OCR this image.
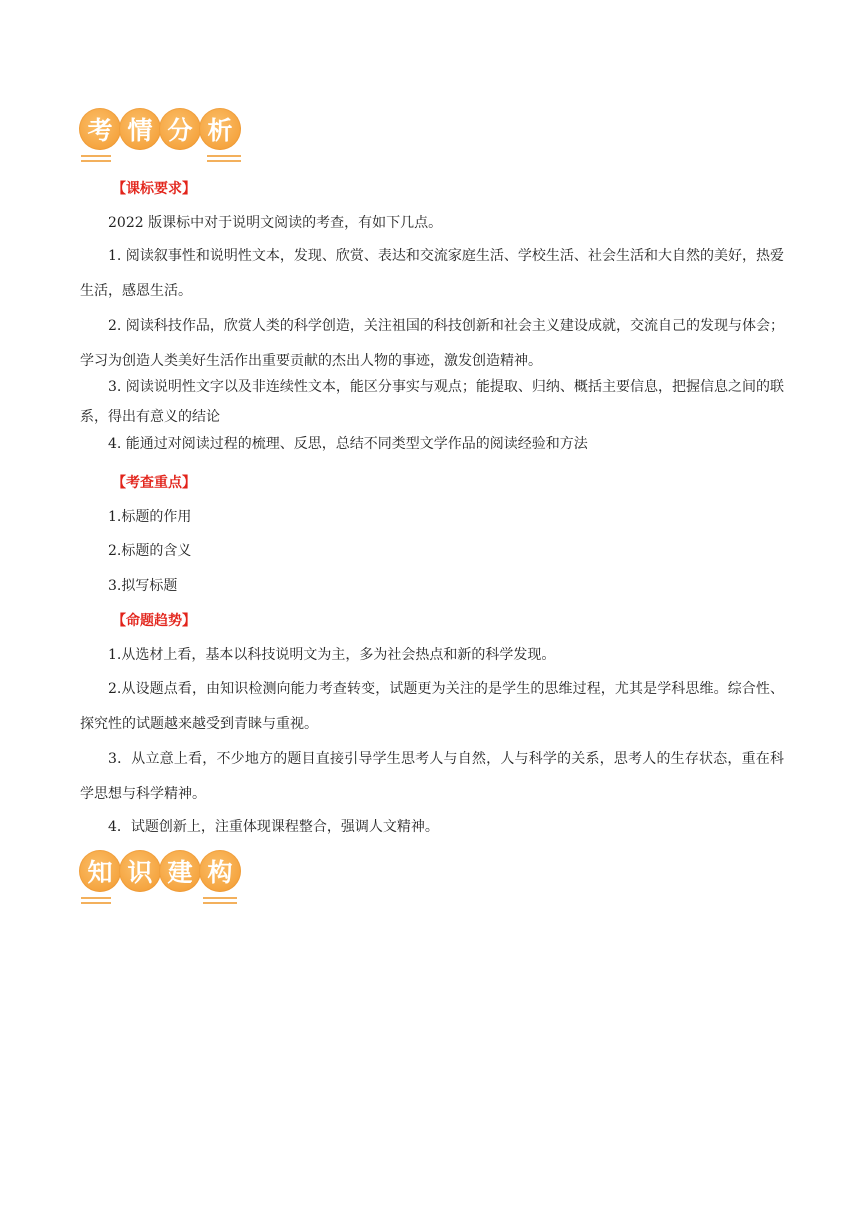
考 情 分 析
【课标要求】
2022 版课标中对于说明文阅读的考查，有如下几点。
1. 阅读叙事性和说明性文本，发现、欣赏、表达和交流家庭生活、学校生活、社会生活和大自然的美好，热爱生活，感恩生活。
2. 阅读科技作品，欣赏人类的科学创造，关注祖国的科技创新和社会主义建设成就，交流自己的发现与体会；学习为创造人类美好生活作出重要贡献的杰出人物的事迹，激发创造精神。
3. 阅读说明性文字以及非连续性文本，能区分事实与观点；能提取、归纳、概括主要信息，把握信息之间的联系，得出有意义的结论
4. 能通过对阅读过程的梳理、反思，总结不同类型文学作品的阅读经验和方法
【考查重点】
1.标题的作用
2.标题的含义
3.拟写标题
【命题趋势】
1.从选材上看，基本以科技说明文为主，多为社会热点和新的科学发现。
2.从设题点看，由知识检测向能力考查转变，试题更为关注的是学生的思维过程，尤其是学科思维。综合性、探究性的试题越来越受到青睐与重视。
3．从立意上看，不少地方的题目直接引导学生思考人与自然，人与科学的关系，思考人的生存状态，重在科学思想与科学精神。
4．试题创新上，注重体现课程整合，强调人文精神。
知 识 建 构
